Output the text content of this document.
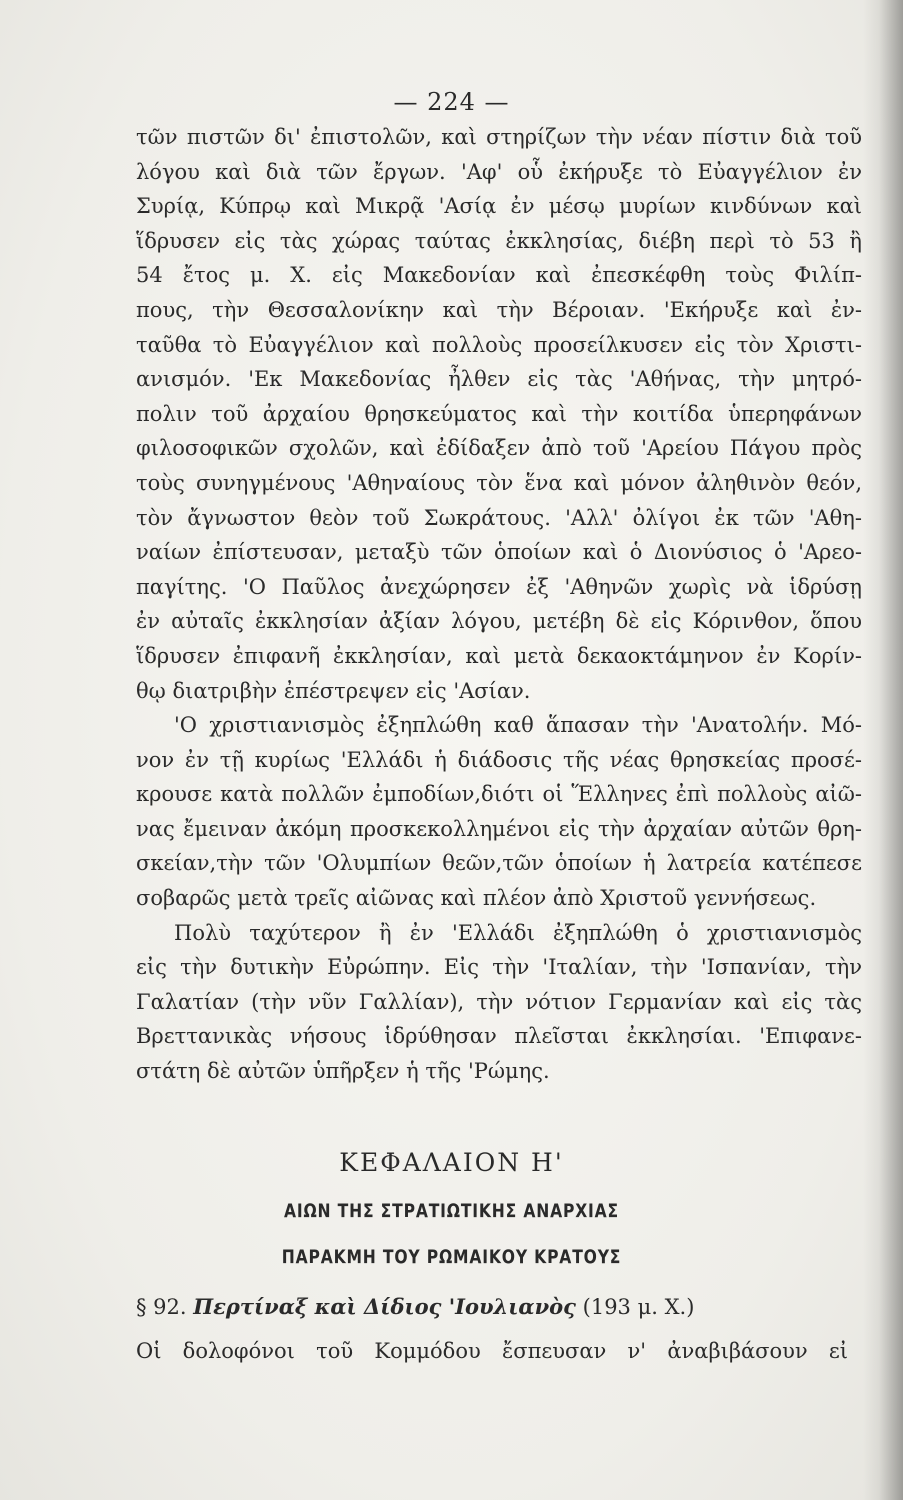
— 224 —
τῶν πιστῶν δι' ἐπιστολῶν, καὶ στηρίζων τὴν νέαν πίστιν διὰ τοῦ
λόγου καὶ διὰ τῶν ἔργων. 'Αφ' οὗ ἐκήρυξε τὸ Εὐαγγέλιον ἐν
Συρίᾳ, Κύπρῳ καὶ Μικρᾷ 'Ασίᾳ ἐν μέσῳ μυρίων κινδύνων καὶ
ἵδρυσεν εἰς τὰς χώρας ταύτας ἐκκλησίας, διέβη περὶ τὸ 53 ἢ
54 ἔτος μ. Χ. εἰς Μακεδονίαν καὶ ἐπεσκέφθη τοὺς Φιλίπ-
πους, τὴν Θεσσαλονίκην καὶ τὴν Βέροιαν. 'Εκήρυξε καὶ ἐν-
ταῦθα τὸ Εὐαγγέλιον καὶ πολλοὺς προσείλκυσεν εἰς τὸν Χριστι-
ανισμόν. 'Εκ Μακεδονίας ἦλθεν εἰς τὰς 'Αθήνας, τὴν μητρό-
πολιν τοῦ ἀρχαίου θρησκεύματος καὶ τὴν κοιτίδα ὑπερηφάνων
φιλοσοφικῶν σχολῶν, καὶ ἐδίδαξεν ἀπὸ τοῦ 'Αρείου Πάγου πρὸς
τοὺς συνηγμένους 'Αθηναίους τὸν ἕνα καὶ μόνον ἀληθινὸν θεόν,
τὸν ἄγνωστον θεὸν τοῦ Σωκράτους. 'Αλλ' ὀλίγοι ἐκ τῶν 'Αθη-
ναίων ἐπίστευσαν, μεταξὺ τῶν ὁποίων καὶ ὁ Διονύσιος ὁ 'Αρεο-
παγίτης. 'Ο Παῦλος ἀνεχώρησεν ἐξ 'Αθηνῶν χωρὶς νὰ ἱδρύσῃ
ἐν αὐταῖς ἐκκλησίαν ἀξίαν λόγου, μετέβη δὲ εἰς Κόρινθον, ὅπου
ἵδρυσεν ἐπιφανῆ ἐκκλησίαν, καὶ μετὰ δεκαοκτάμηνον ἐν Κορίν-
θῳ διατριβὴν ἐπέστρεψεν εἰς 'Ασίαν.
'Ο χριστιανισμὸς ἐξηπλώθη καθ ἅπασαν τὴν 'Ανατολήν. Μό-
νον ἐν τῇ κυρίως 'Ελλάδι ἡ διάδοσις τῆς νέας θρησκείας προσέ-
κρουσε κατὰ πολλῶν ἐμποδίων,διότι οἱ Ἕλληνες ἐπὶ πολλοὺς αἰῶ-
νας ἔμειναν ἀκόμη προσκεκολλημένοι εἰς τὴν ἀρχαίαν αὐτῶν θρη-
σκείαν,τὴν τῶν 'Ολυμπίων θεῶν,τῶν ὁποίων ἡ λατρεία κατέπεσε
σοβαρῶς μετὰ τρεῖς αἰῶνας καὶ πλέον ἀπὸ Χριστοῦ γεννήσεως.
Πολὺ ταχύτερον ἢ ἐν 'Ελλάδι ἐξηπλώθη ὁ χριστιανισμὸς
εἰς τὴν δυτικὴν Εὐρώπην. Εἰς τὴν 'Ιταλίαν, τὴν 'Ισπανίαν, τὴν
Γαλατίαν (τὴν νῦν Γαλλίαν), τὴν νότιον Γερμανίαν καὶ εἰς τὰς
Βρεττανικὰς νήσους ἱδρύθησαν πλεῖσται ἐκκλησίαι. 'Επιφανε-
στάτη δὲ αὐτῶν ὑπῆρξεν ἡ τῆς 'Ρώμης.
ΚΕΦΑΛΑΙΟΝ Η'
ΑΙΩΝ ΤΗΣ ΣΤΡΑΤΙΩΤΙΚΗΣ ΑΝΑΡΧΙΑΣ
ΠΑΡΑΚΜΗ ΤΟΥ ΡΩΜΑΙΚΟΥ ΚΡΑΤΟΥΣ
§ 92. Περτίναξ καὶ Δίδιος 'Ιουλιανὸς (193 μ. Χ.)
Οἱ δολοφόνοι τοῦ Κομμόδου ἔσπευσαν ν' ἀναβιβάσουν εἰ
